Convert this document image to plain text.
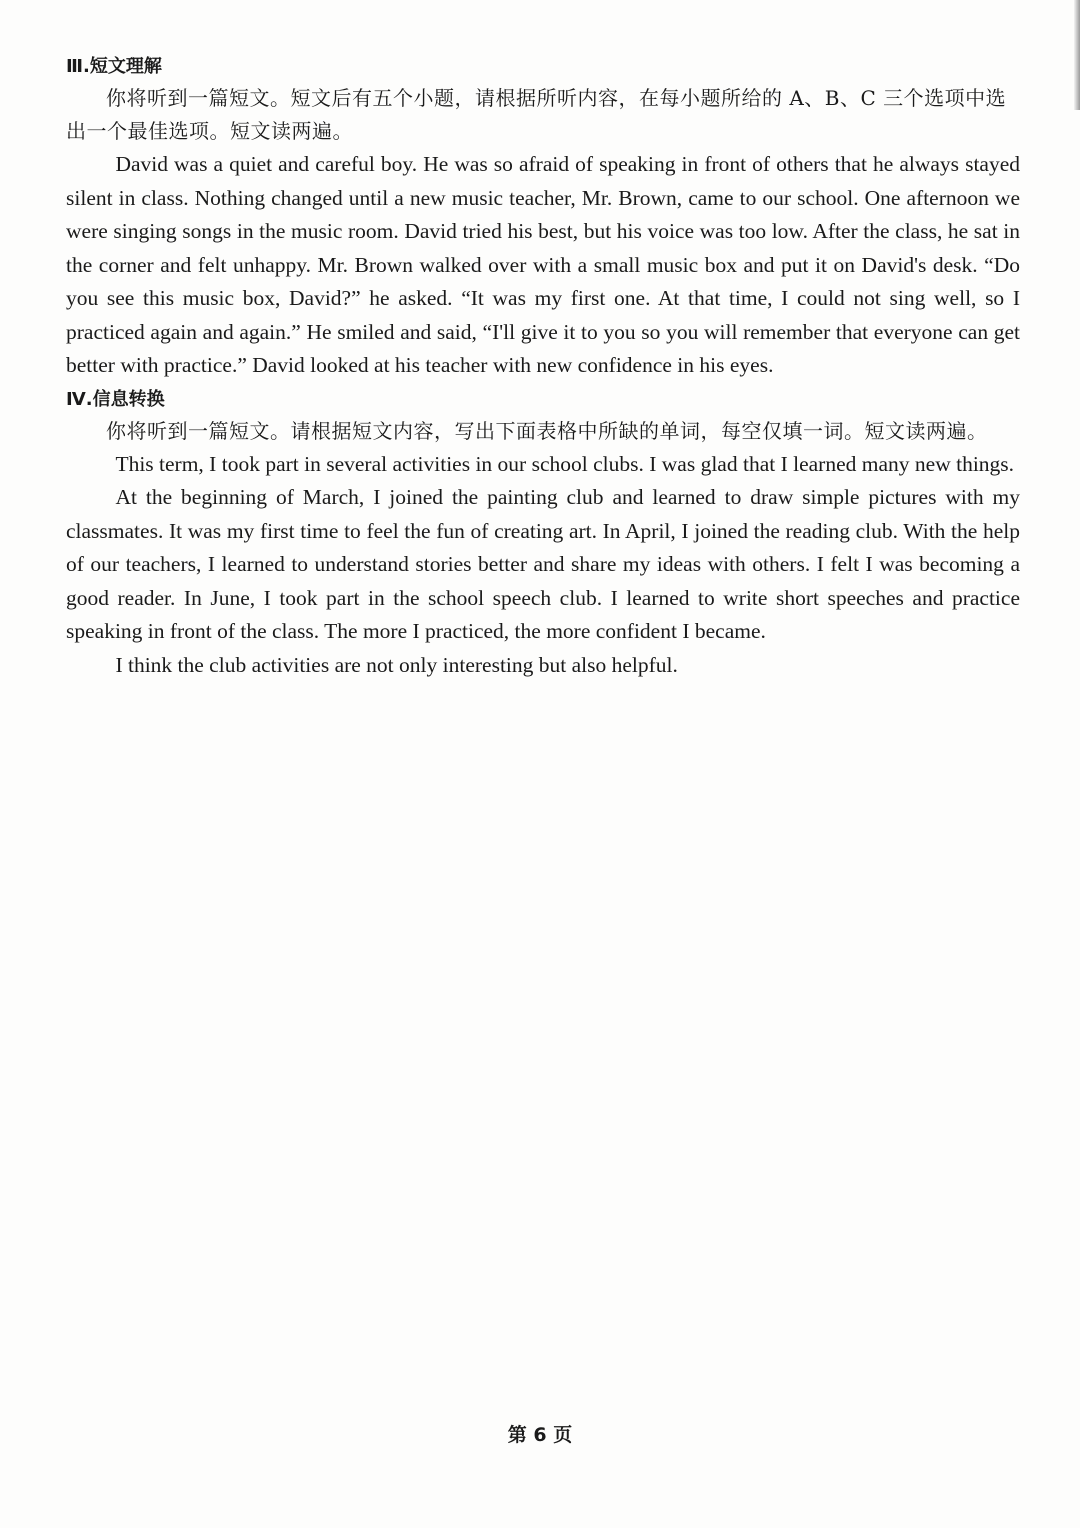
Ⅲ.短文理解

你将听到一篇短文。短文后有五个小题，请根据所听内容，在每小题所给的 A、B、C 三个选项中选出一个最佳选项。短文读两遍。

David was a quiet and careful boy. He was so afraid of speaking in front of others that he always stayed silent in class. Nothing changed until a new music teacher, Mr. Brown, came to our school. One afternoon we were singing songs in the music room. David tried his best, but his voice was too low. After the class, he sat in the corner and felt unhappy. Mr. Brown walked over with a small music box and put it on David's desk. “Do you see this music box, David?” he asked. “It was my first one. At that time, I could not sing well, so I practiced again and again.” He smiled and said, “I'll give it to you so you will remember that everyone can get better with practice.” David looked at his teacher with new confidence in his eyes.

Ⅳ.信息转换

你将听到一篇短文。请根据短文内容，写出下面表格中所缺的单词，每空仅填一词。短文读两遍。

This term, I took part in several activities in our school clubs. I was glad that I learned many new things.

At the beginning of March, I joined the painting club and learned to draw simple pictures with my classmates. It was my first time to feel the fun of creating art. In April, I joined the reading club. With the help of our teachers, I learned to understand stories better and share my ideas with others. I felt I was becoming a good reader. In June, I took part in the school speech club. I learned to write short speeches and practice speaking in front of the class. The more I practiced, the more confident I became.

I think the club activities are not only interesting but also helpful.

第 6 页
